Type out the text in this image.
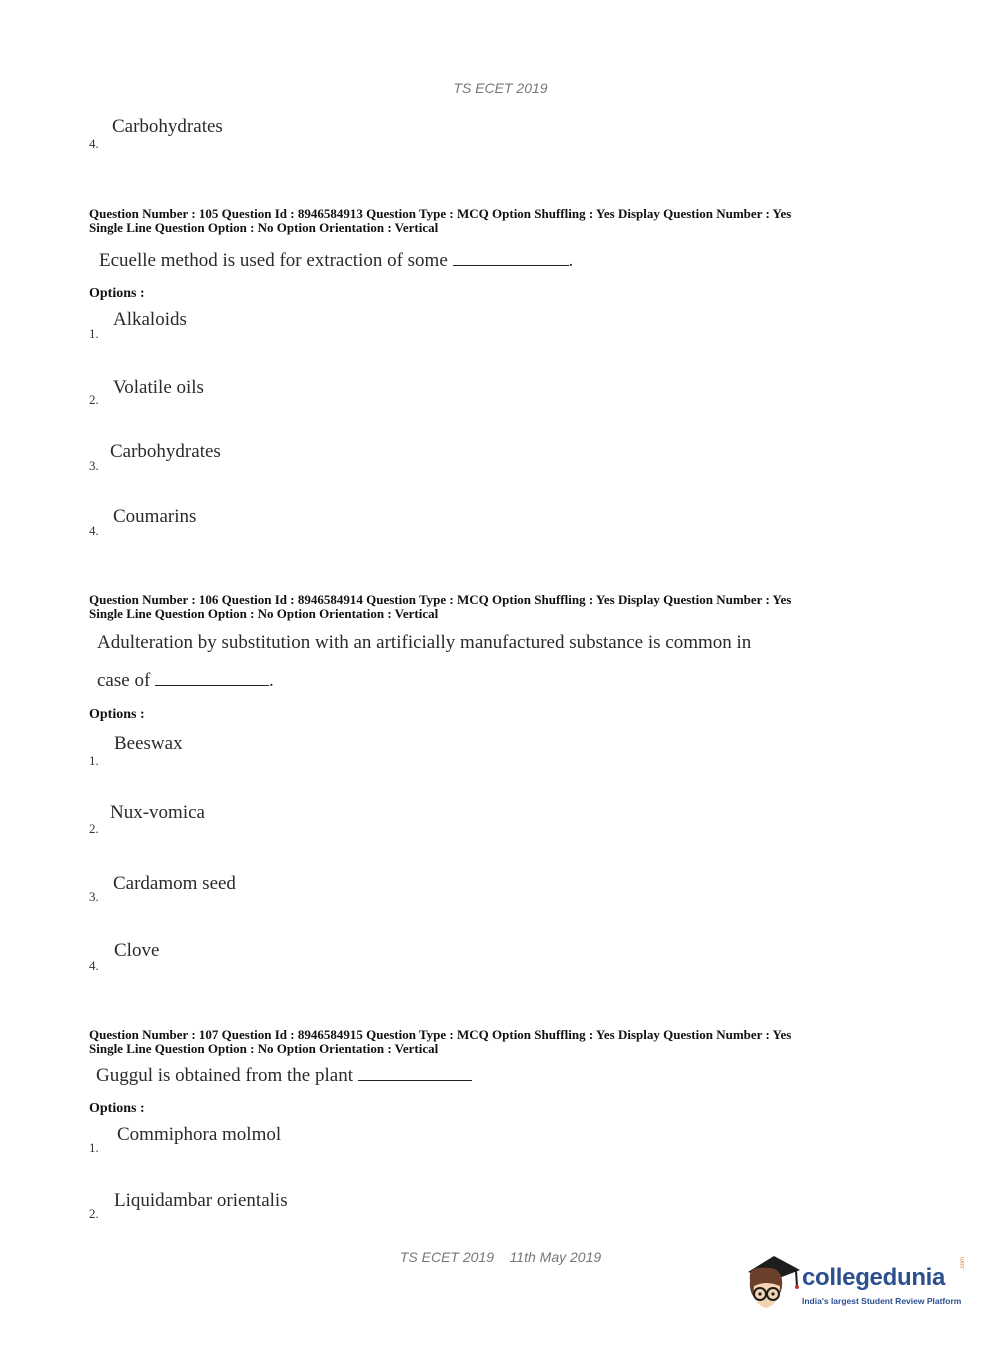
TS ECET 2019
4.
Carbohydrates
Question Number : 105 Question Id : 8946584913 Question Type : MCQ Option Shuffling : Yes Display Question Number : Yes
Single Line Question Option : No Option Orientation : Vertical
Ecuelle method is used for extraction of some	.
Options :
1.
Alkaloids
2.
Volatile oils
3.
Carbohydrates
4.
Coumarins
Question Number : 106 Question Id : 8946584914 Question Type : MCQ Option Shuffling : Yes Display Question Number : Yes
Single Line Question Option : No Option Orientation : Vertical
Adulteration by substitution with an artificially manufactured substance is common in
case of	.
Options :
1.
Beeswax
2.
Nux-vomica
3.
Cardamom seed
4.
Clove
Question Number : 107 Question Id : 8946584915 Question Type : MCQ Option Shuffling : Yes Display Question Number : Yes
Single Line Question Option : No Option Orientation : Vertical
Guggul is obtained from the plant
Options :
1.
Commiphora molmol
2.
Liquidambar orientalis
TS ECET 2019 11th May 2019
collegedunia
India's largest Student Review Platform
.com
